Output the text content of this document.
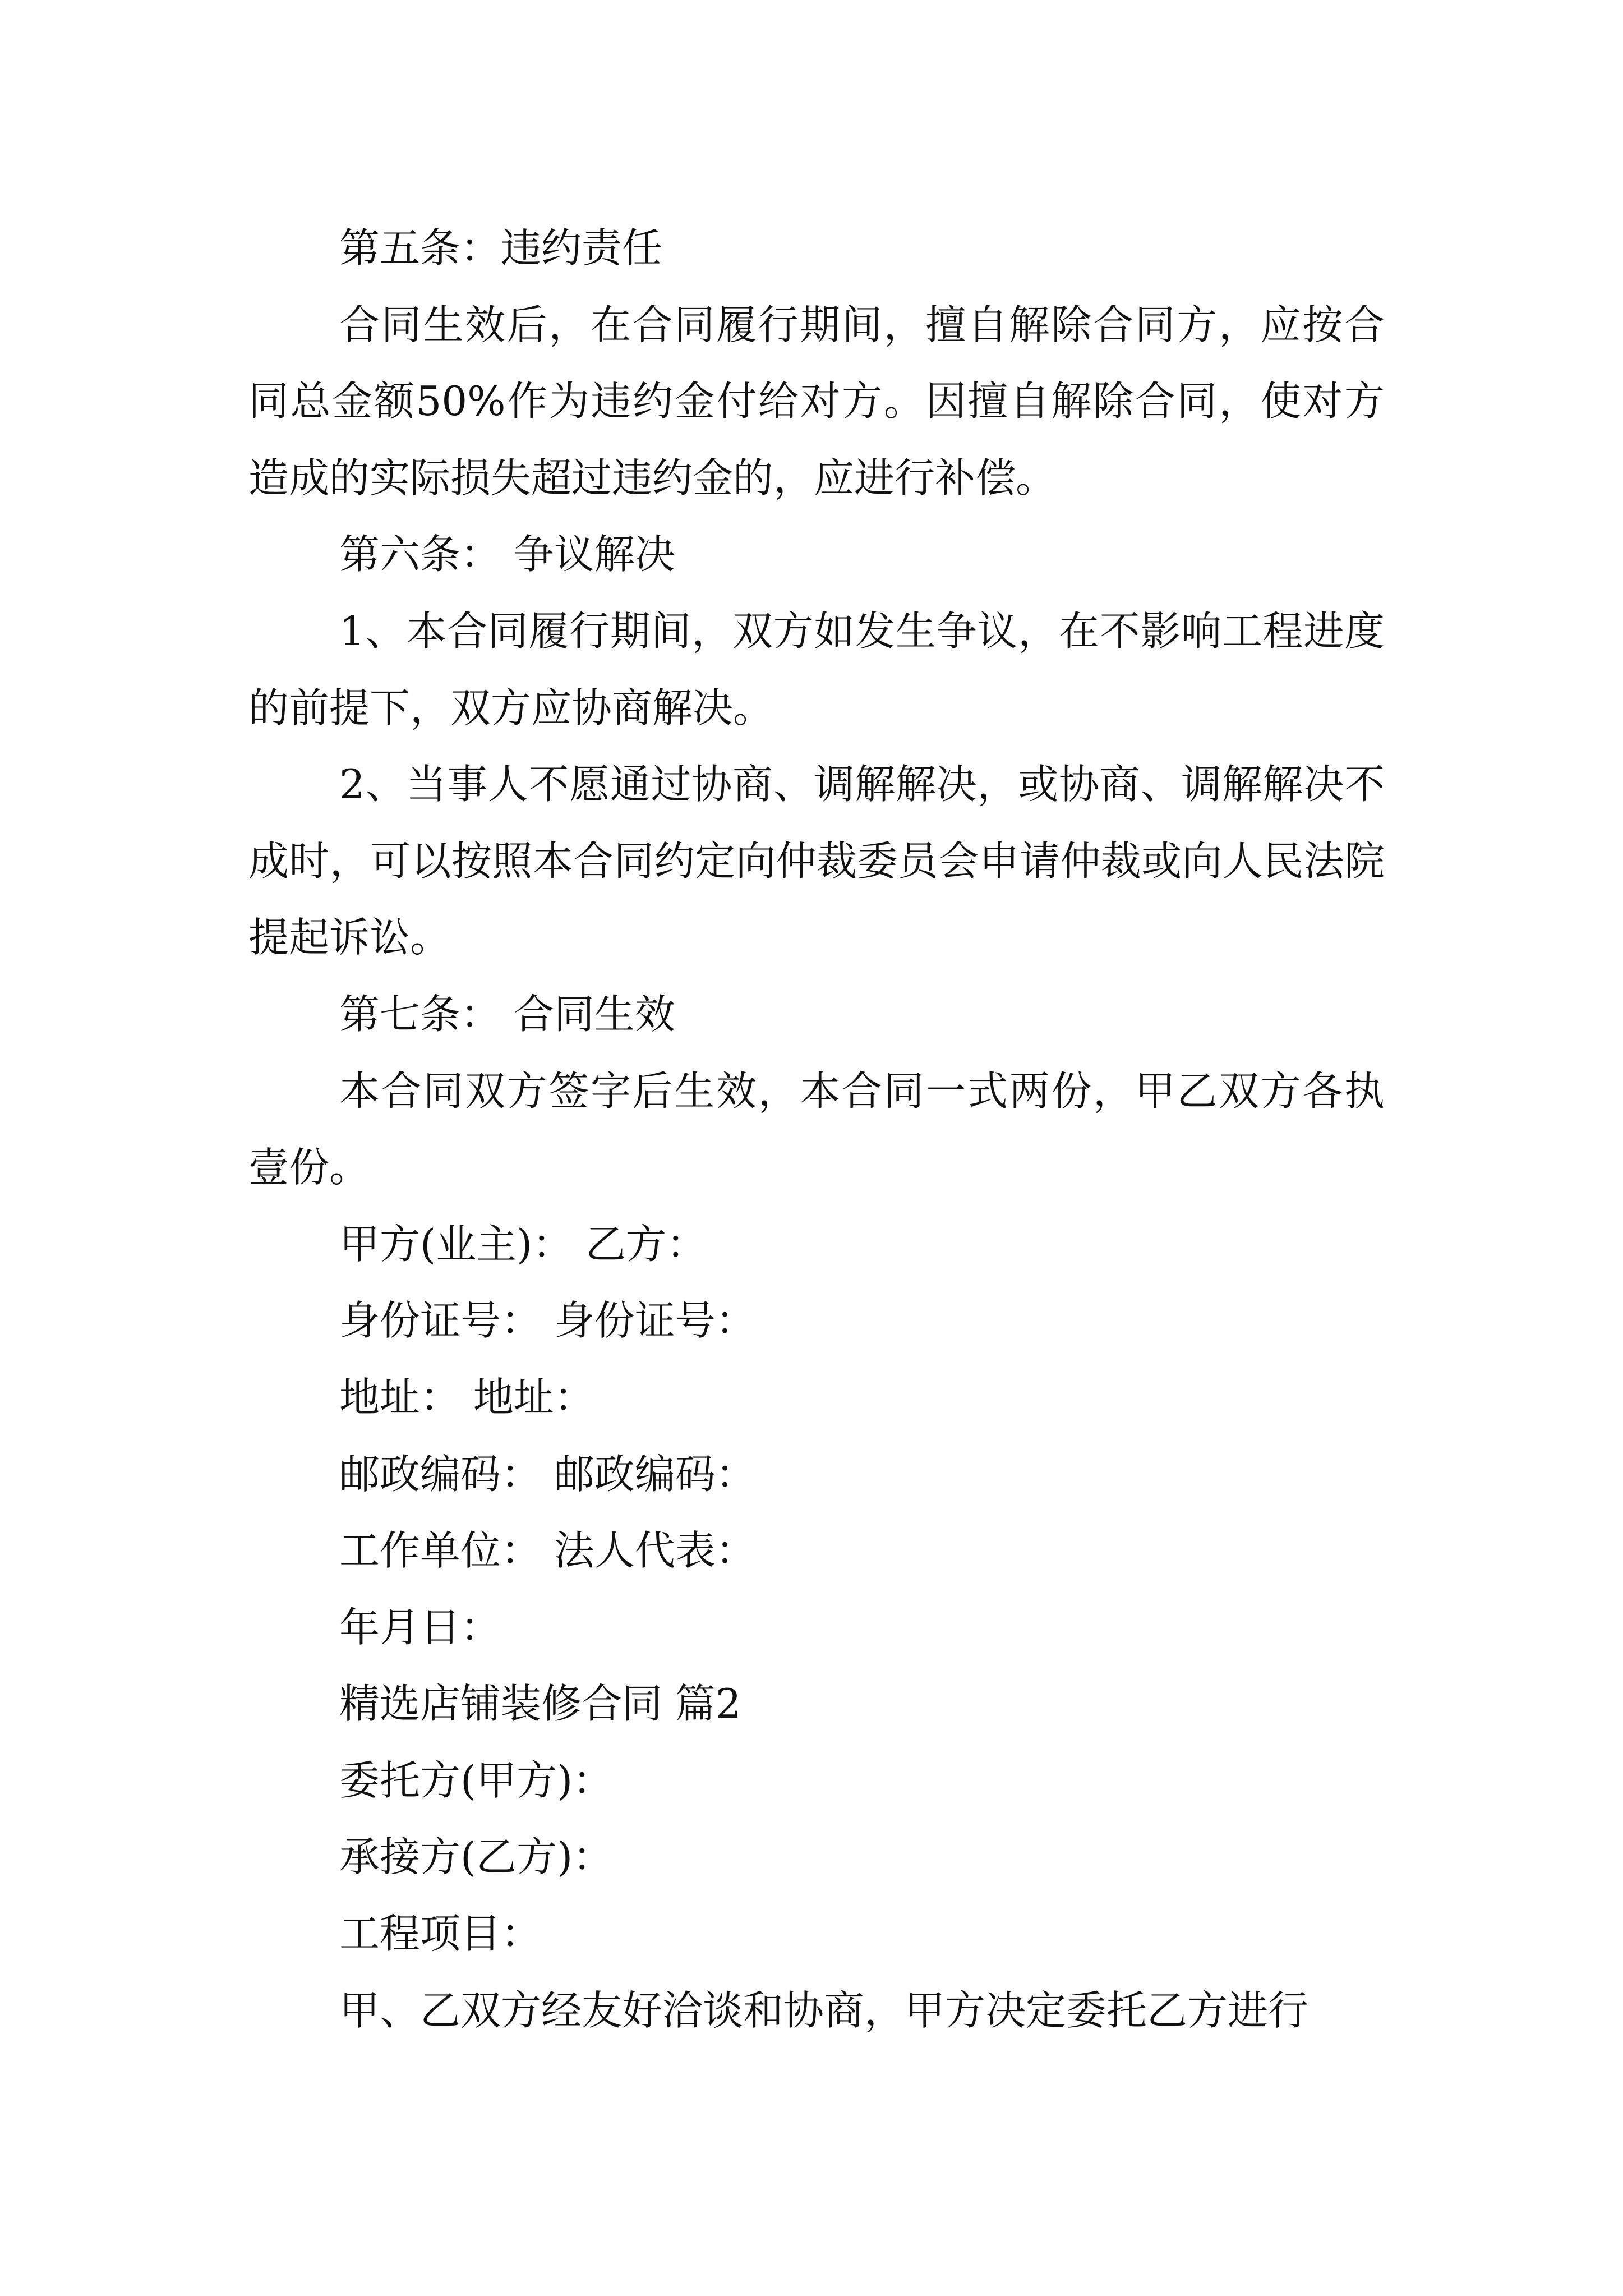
第五条：违约责任

合同生效后，在合同履行期间，擅自解除合同方，应按合同总金额50%作为违约金付给对方。因擅自解除合同，使对方造成的实际损失超过违约金的，应进行补偿。

第六条： 争议解决

1、本合同履行期间，双方如发生争议，在不影响工程进度的前提下，双方应协商解决。

2、当事人不愿通过协商、调解解决，或协商、调解解决不成时，可以按照本合同约定向仲裁委员会申请仲裁或向人民法院提起诉讼。

第七条： 合同生效

本合同双方签字后生效，本合同一式两份，甲乙双方各执壹份。

甲方(业主)： 乙方：

身份证号： 身份证号：

地址： 地址：

邮政编码： 邮政编码：

工作单位： 法人代表：

年月日：

精选店铺装修合同 篇2

委托方(甲方)：

承接方(乙方)：

工程项目：

甲、乙双方经友好洽谈和协商，甲方决定委托乙方进行
